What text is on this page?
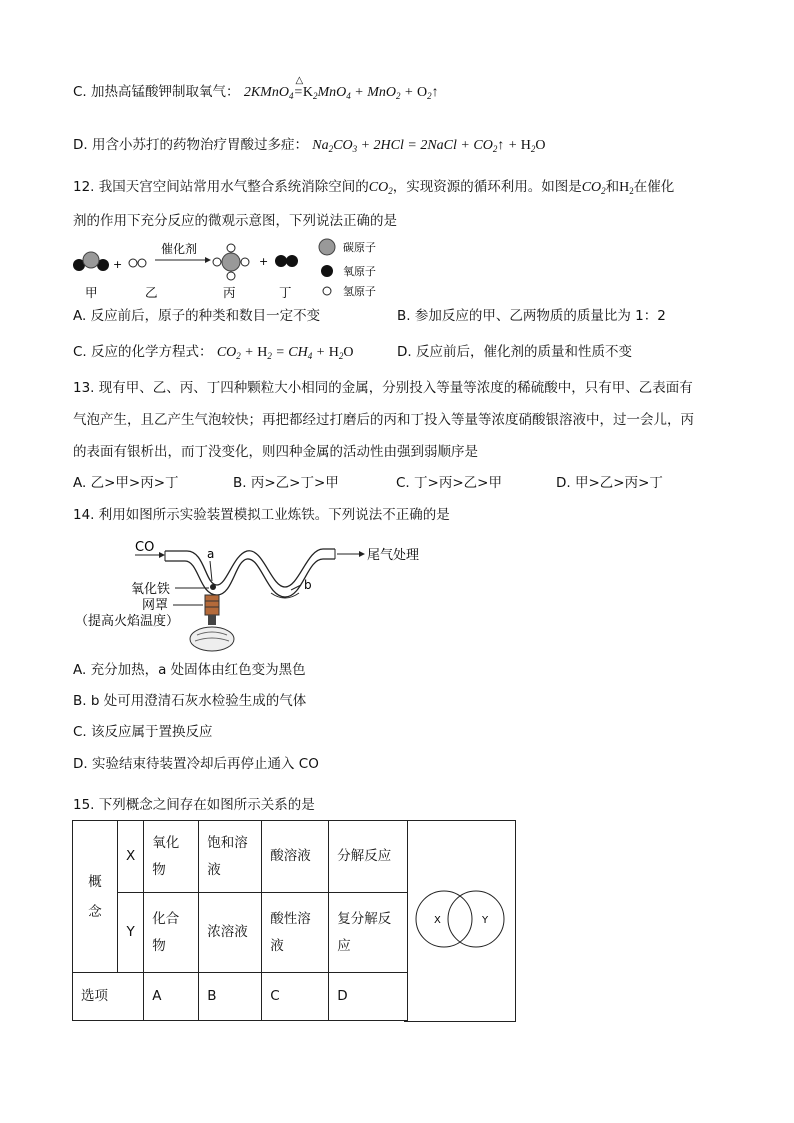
C. 加热高锰酸钾制取氧气： 2KMnO$_4$
△
$=K_2MnO_4 + MnO_2$ + $O_2↑$
D. 用含小苏打的药物治疗胃酸过多症： $Na_2CO_3 + 2HCl$ = 2NaCl + $CO_2↑ + H_2O$
12. 我国天宫空间站常用水气整合系统消除空间的$CO_2$，实现资源的循环利用。如图是$CO_2$和$H_2$在催化
剂的作用下充分反应的微观示意图，下列说法正确的是
+
催化剂
+
甲	乙	丙	丁
碳原子
氧原子
氢原子
A. 反应前后，原子的种类和数目一定不变	B. 参加反应的甲、乙两物质的质量比为 1：2
C. 反应的化学方程式： $CO_2 + H_2 = CH_4 + H_2O$	D. 反应前后，催化剂的质量和性质不变
13. 现有甲、乙、丙、丁四种颗粒大小相同的金属，分别投入等量等浓度的稀硫酸中，只有甲、乙表面有
气泡产生，且乙产生气泡较快；再把都经过打磨后的丙和丁投入等量等浓度硝酸银溶液中，过一会儿，丙
的表面有银析出，而丁没变化，则四种金属的活动性由强到弱顺序是
A. 乙>甲>丙>丁	B. 丙>乙>丁>甲	C. 丁>丙>乙>甲	D. 甲>乙>丙>丁
14. 利用如图所示实验装置模拟工业炼铁。下列说法不正确的是
CO
尾气处理
a
b
氧化铁
网罩
（提高火焰温度）
A. 充分加热，a 处固体由红色变为黑色
B. b 处可用澄清石灰水检验生成的气体
C. 该反应属于置换反应
D. 实验结束待装置冷却后再停止通入 CO
15. 下列概念之间存在如图所示关系的是
概念	X	氧化物	饱和溶液	酸溶液	分解反应
	Y	化合物	浓溶液	酸性溶液	复分解反应

选项		A	B	C	D
X	Y
